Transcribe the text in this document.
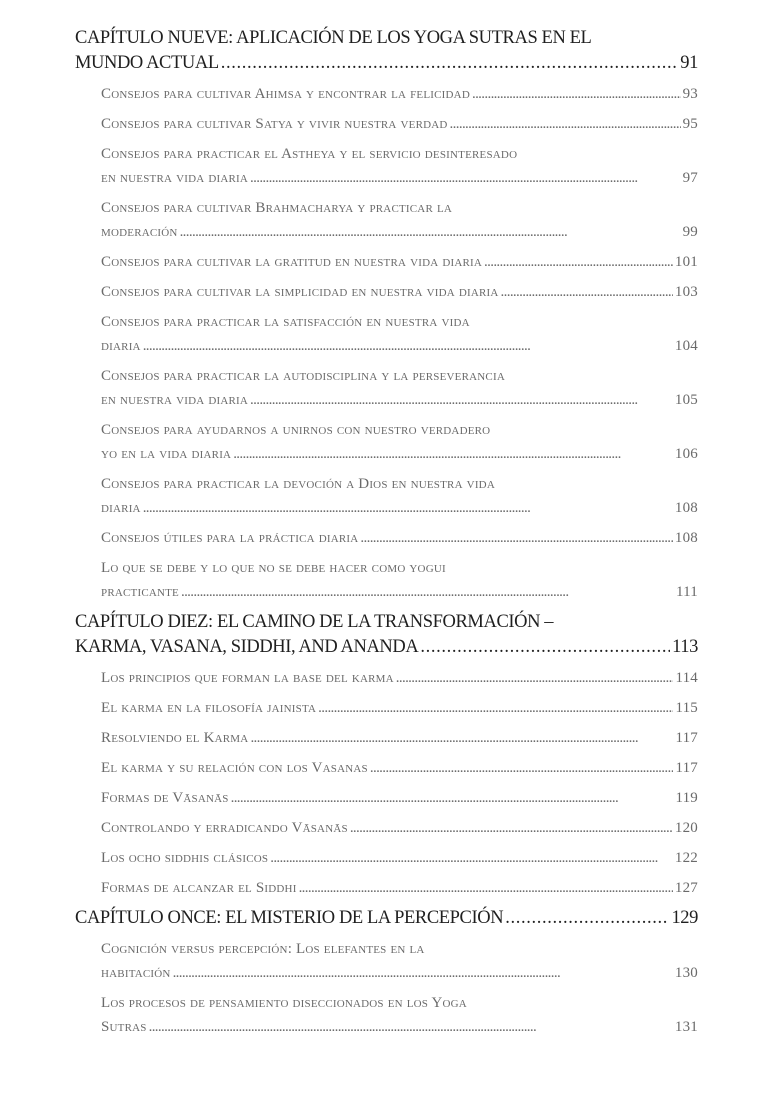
CAPÍTULO NUEVE: APLICACIÓN DE LOS YOGA SUTRAS EN EL
MUNDO ACTUAL . . .	91
Consejos para cultivar Ahimsa y encontrar la felicidad . . .	93
Consejos para cultivar Satya y vivir nuestra verdad . . .	95
Consejos para practicar el Astheya y el servicio desinteresado
en nuestra vida diaria . . .	97
Consejos para cultivar Brahmacharya y practicar la
moderación . . .	99
Consejos para cultivar la gratitud en nuestra vida diaria . . .	101
Consejos para cultivar la simplicidad en nuestra vida diaria . . .	103
Consejos para practicar la satisfacción en nuestra vida
diaria . . .	104
Consejos para practicar la autodisciplina y la perseverancia
en nuestra vida diaria . . .	105
Consejos para ayudarnos a unirnos con nuestro verdadero
yo en la vida diaria . . .	106
Consejos para practicar la devoción a Dios en nuestra vida
diaria . . .	108
Consejos útiles para la práctica diaria . . .	108
Lo que se debe y lo que no se debe hacer como yogui
practicante . . .	111
CAPÍTULO DIEZ: EL CAMINO DE LA TRANSFORMACIÓN –
KARMA, VASANA, SIDDHI, AND ANANDA . . .	113
Los principios que forman la base del karma . . .	114
El karma en la filosofía jainista . . .	115
Resolviendo el Karma . . .	117
El karma y su relación con los Vasanas . . .	117
Formas de Vāsanās . . .	119
Controlando y erradicando Vāsanās . . .	120
Los ocho siddhis clásicos . . .	122
Formas de alcanzar el Siddhi . . .	127
CAPÍTULO ONCE: EL MISTERIO DE LA PERCEPCIÓN . . .	129
Cognición versus percepción: Los elefantes en la
habitación . . .	130
Los procesos de pensamiento diseccionados en los Yoga
Sutras . . .	131
